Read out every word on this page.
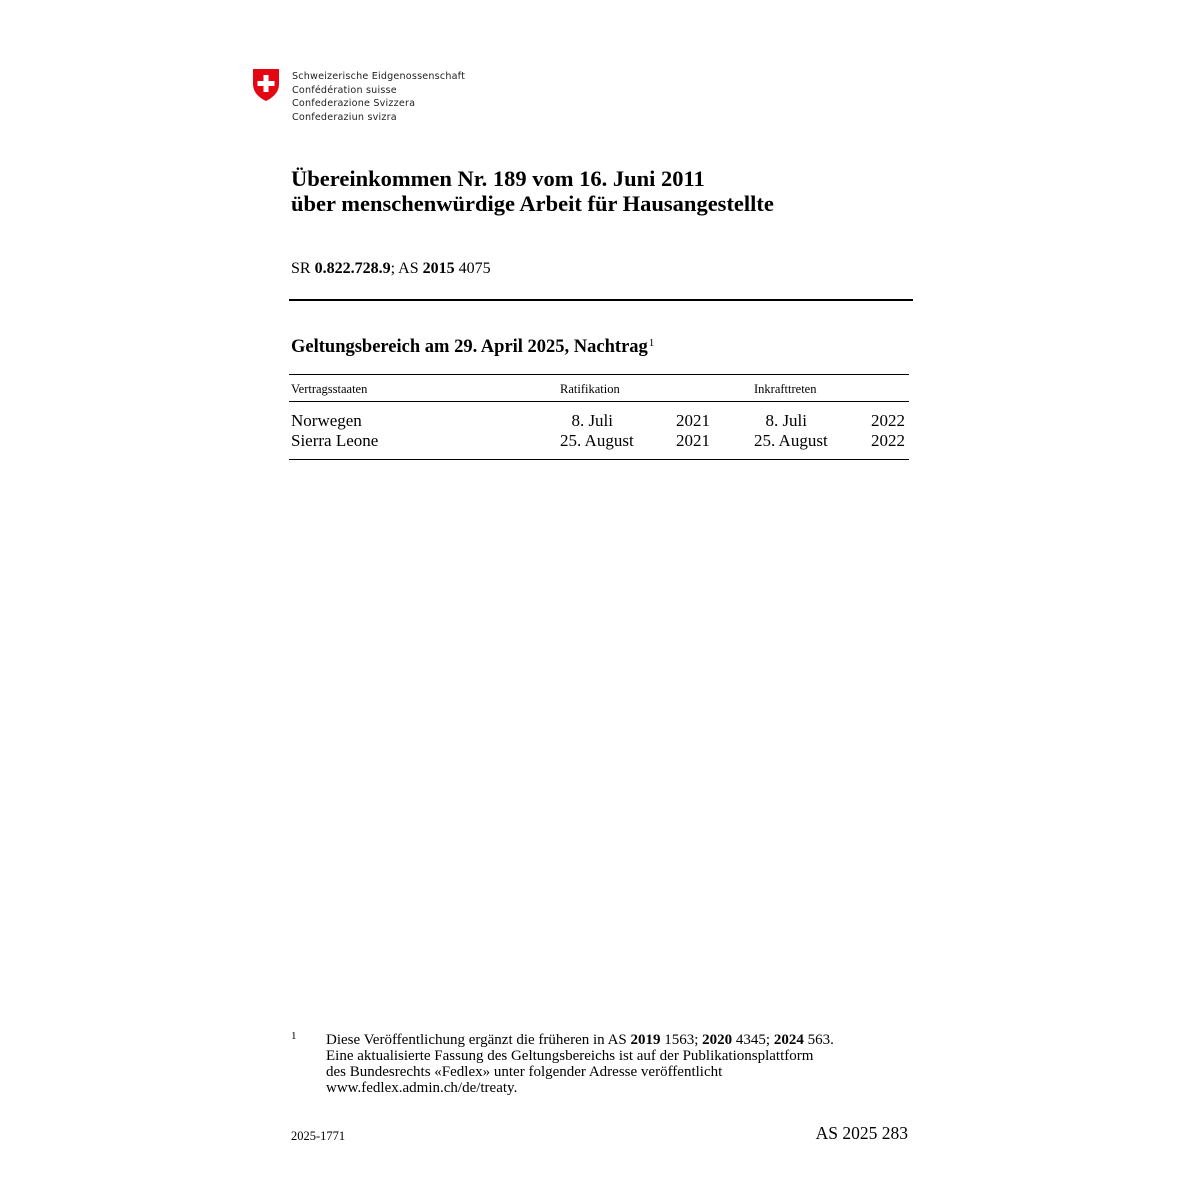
Schweizerische Eidgenossenschaft
Confédération suisse
Confederazione Svizzera
Confederaziun svizra
Übereinkommen Nr. 189 vom 16. Juni 2011
über menschenwürdige Arbeit für Hausangestellte
SR 0.822.728.9; AS 2015 4075
Geltungsbereich am 29. April 2025, Nachtrag$^1$
Vertragsstaaten	Ratifikation	Inkrafttreten
Norwegen	8. Juli	2021	8. Juli	2022
Sierra Leone	25. August	2021	25. August	2022
1 Diese Veröffentlichung ergänzt die früheren in AS 2019 1563; 2020 4345; 2024 563.
Eine aktualisierte Fassung des Geltungsbereichs ist auf der Publikationsplattform
des Bundesrechts «Fedlex» unter folgender Adresse veröffentlicht
www.fedlex.admin.ch/de/treaty.
2025-1771	AS 2025 283
